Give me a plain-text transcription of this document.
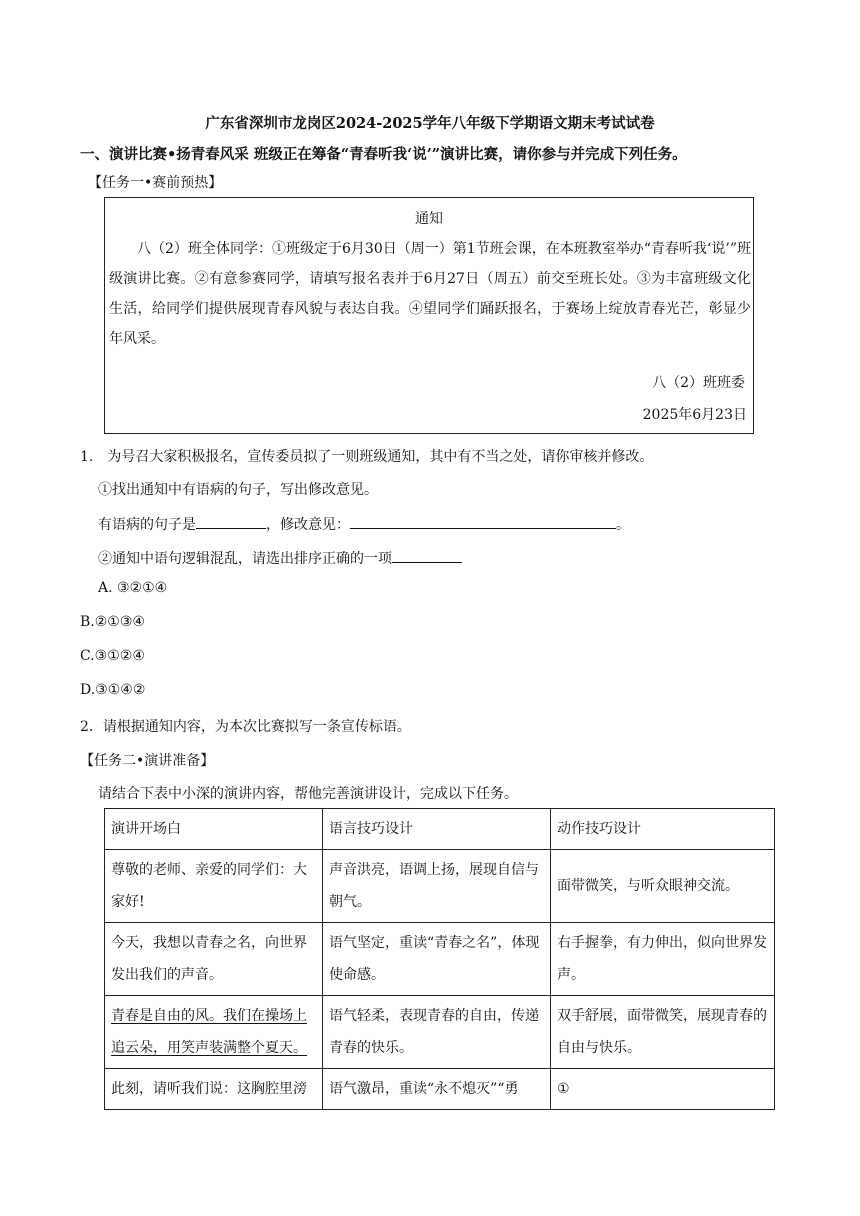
广东省深圳市龙岗区2024-2025学年八年级下学期语文期末考试试卷
一、演讲比赛•扬青春风采 班级正在筹备“青春听我‘说’”演讲比赛，请你参与并完成下列任务。
【任务一•赛前预热】
通知
八（2）班全体同学：①班级定于6月30日（周一）第1节班会课，在本班教室举办“青春听我‘说’”班级演讲比赛。②有意参赛同学，请填写报名表并于6月27日（周五）前交至班长处。③为丰富班级文化生活，给同学们提供展现青春风貌与表达自我。④望同学们踊跃报名，于赛场上绽放青春光芒，彰显少年风采。
八（2）班班委
2025年6月23日
1.　为号召大家积极报名，宣传委员拟了一则班级通知，其中有不当之处，请你审核并修改。
①找出通知中有语病的句子，写出修改意见。
有语病的句子是	，修改意见：	。
②通知中语句逻辑混乱，请选出排序正确的一项
A. ③②①④
B.②①③④
C.③①②④
D.③①④②
2．请根据通知内容，为本次比赛拟写一条宣传标语。
【任务二•演讲准备】
请结合下表中小深的演讲内容，帮他完善演讲设计，完成以下任务。
演讲开场白	语言技巧设计	动作技巧设计
尊敬的老师、亲爱的同学们：大家好!	声音洪亮，语调上扬，展现自信与朝气。	面带微笑，与听众眼神交流。
今天，我想以青春之名，向世界发出我们的声音。	语气坚定，重读“青春之名”，体现使命感。	右手握拳，有力伸出，似向世界发声。
青春是自由的风。我们在操场上追云朵，用笑声装满整个夏天。	语气轻柔，表现青春的自由，传递青春的快乐。	双手舒展，面带微笑，展现青春的自由与快乐。

此刻，请听我们说：这胸腔里滂	语气激昂，重读“永不熄灭”“勇	①
